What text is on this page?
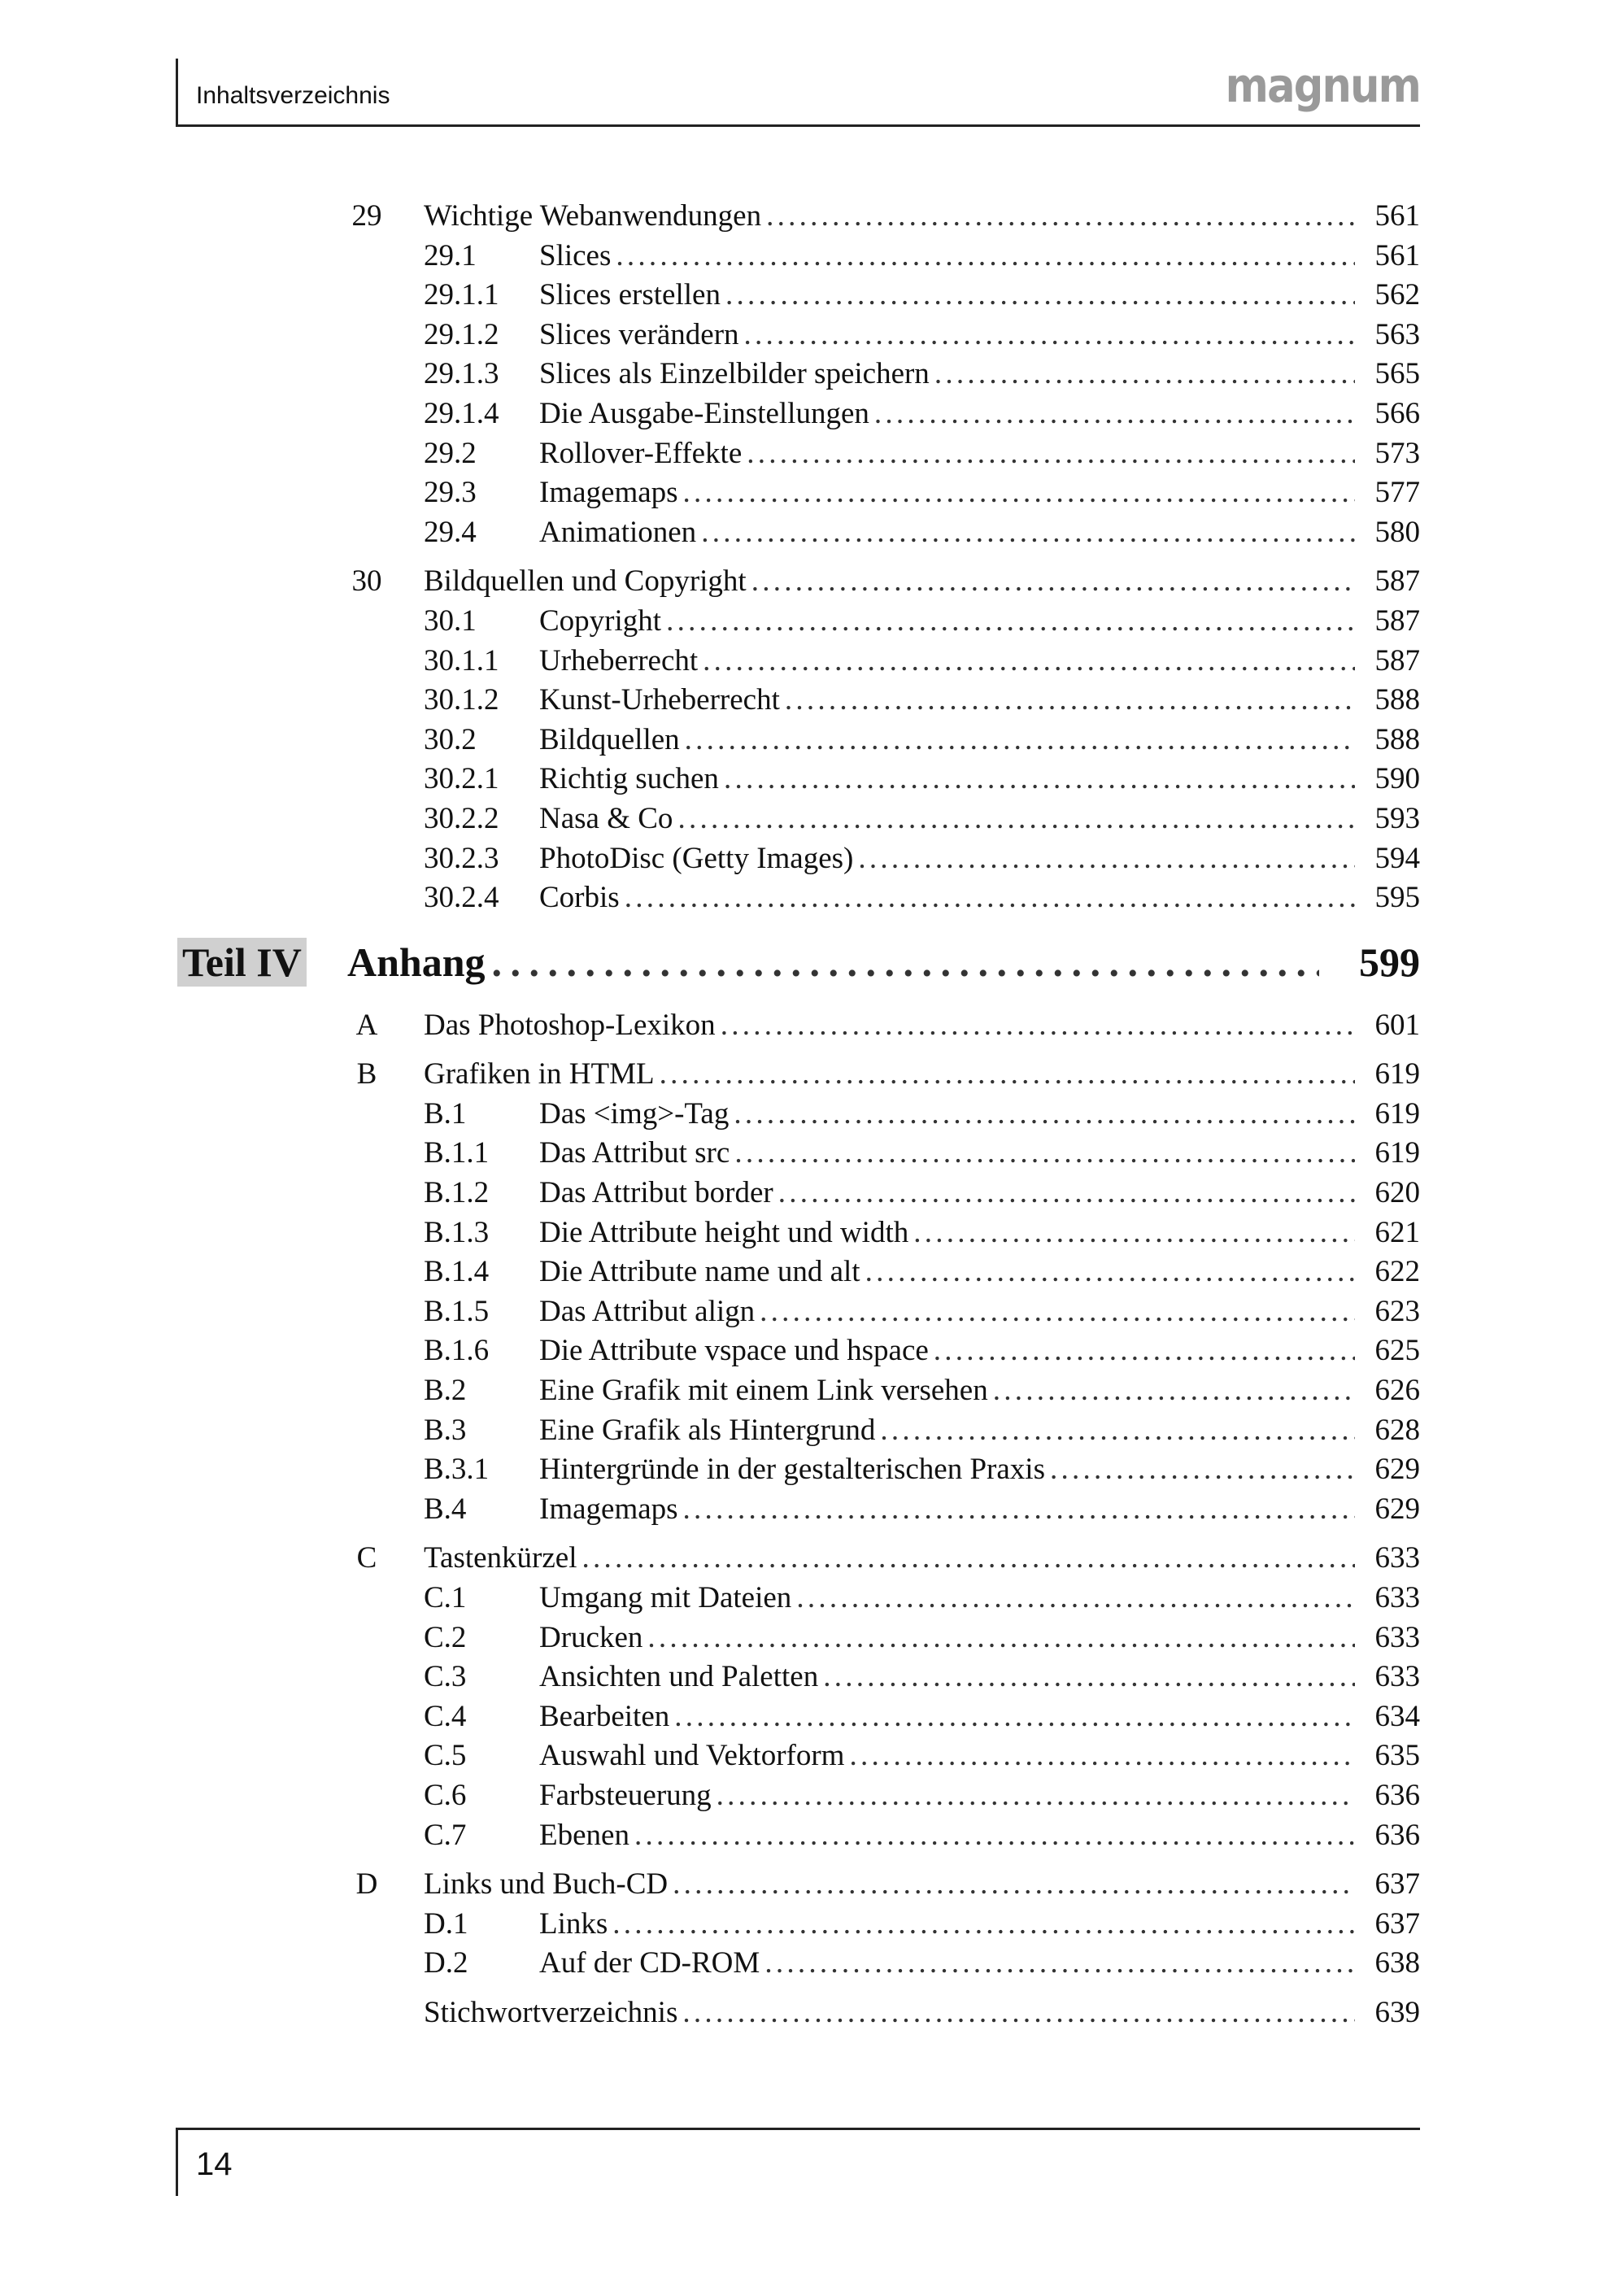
Inhaltsverzeichnis	magnum
29	Wichtige Webanwendungen . . .	561
29.1	Slices . . .	561
29.1.1	Slices erstellen . . .	562
29.1.2	Slices verändern . . .	563
29.1.3	Slices als Einzelbilder speichern . . .	565
29.1.4	Die Ausgabe-Einstellungen . . .	566
29.2	Rollover-Effekte . . .	573
29.3	Imagemaps . . .	577
29.4	Animationen . . .	580
30	Bildquellen und Copyright . . .	587
30.1	Copyright . . .	587
30.1.1	Urheberrecht . . .	587
30.1.2	Kunst-Urheberrecht . . .	588
30.2	Bildquellen . . .	588
30.2.1	Richtig suchen . . .	590
30.2.2	Nasa & Co . . .	593
30.2.3	PhotoDisc (Getty Images) . . .	594
30.2.4	Corbis . . .	595
Teil IV Anhang . . .	599
A	Das Photoshop-Lexikon . . .	601
B	Grafiken in HTML . . .	619
B.1	Das <img>-Tag . . .	619
B.1.1	Das Attribut src . . .	619
B.1.2	Das Attribut border . . .	620
B.1.3	Die Attribute height und width . . .	621
B.1.4	Die Attribute name und alt . . .	622
B.1.5	Das Attribut align . . .	623
B.1.6	Die Attribute vspace und hspace . . .	625
B.2	Eine Grafik mit einem Link versehen . . .	626
B.3	Eine Grafik als Hintergrund . . .	628
B.3.1	Hintergründe in der gestalterischen Praxis . . .	629
B.4	Imagemaps . . .	629
C	Tastenkürzel . . .	633
C.1	Umgang mit Dateien . . .	633
C.2	Drucken . . .	633
C.3	Ansichten und Paletten . . .	633
C.4	Bearbeiten . . .	634
C.5	Auswahl und Vektorform . . .	635
C.6	Farbsteuerung . . .	636
C.7	Ebenen . . .	636
D	Links und Buch-CD . . .	637
D.1	Links . . .	637
D.2	Auf der CD-ROM . . .	638
Stichwortverzeichnis . . .	639
14
